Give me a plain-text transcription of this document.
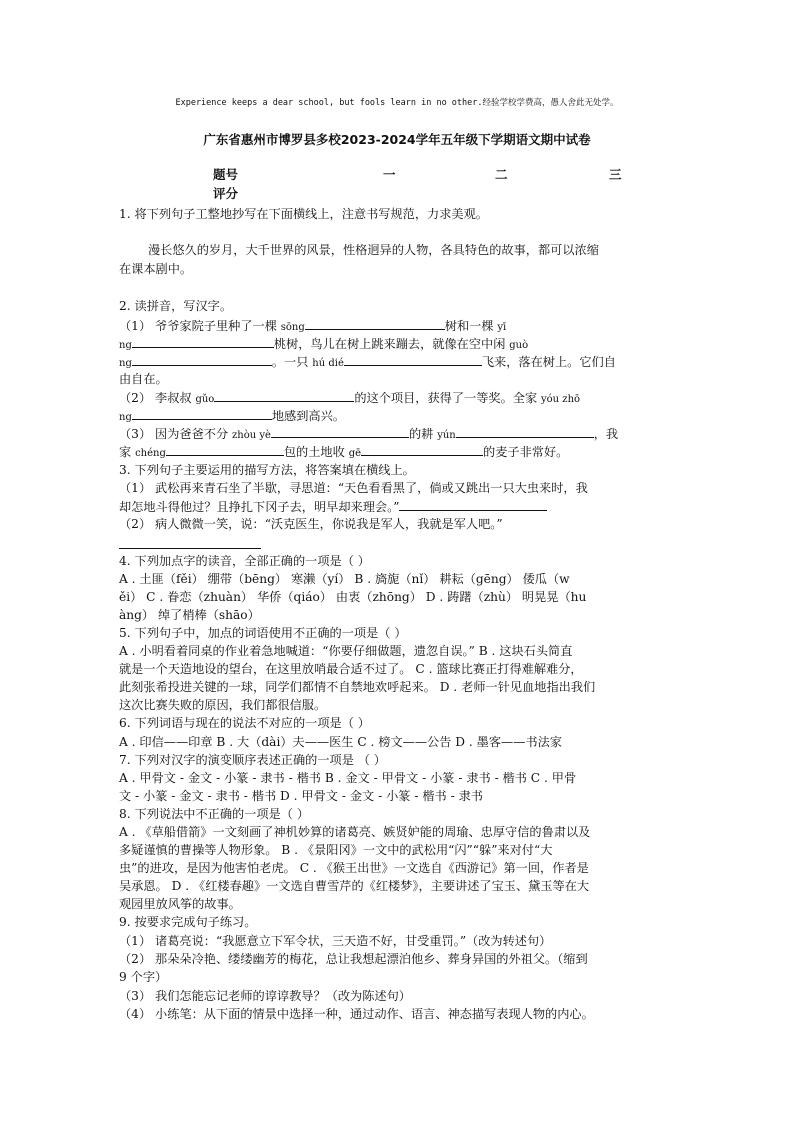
Experience keeps a dear school, but fools learn in no other.经验学校学费高，愚人舍此无处学。
广东省惠州市博罗县多校2023-2024学年五年级下学期语文期中试卷
题号	一	二	三
评分
1. 将下列句子工整地抄写在下面横线上，注意书写规范，力求美观。
漫长悠久的岁月，大千世界的风景，性格迥异的人物，各具特色的故事，都可以浓缩
在课本剧中。
2. 读拼音，写汉字。
（1） 爷爷家院子里种了一棵 sōng	树和一棵 yī
ng	桃树，鸟儿在树上跳来蹦去，就像在空中闲 guò
ng	。一只 hú dié	飞来，落在树上。它们自
由自在。
（2） 李叔叔 gǔo	的这个项目，获得了一等奖。全家 yóu zhō
ng	地感到高兴。
（3） 因为爸爸不分 zhòu yè	的耕 yún	，我
家 chéng	包的土地收 gē	的麦子非常好。
3. 下列句子主要运用的描写方法，将答案填在横线上。
（1） 武松再来青石坐了半歇，寻思道：“天色看看黑了，倘或又跳出一只大虫来时，我
却怎地斗得他过？且挣扎下冈子去，明早却来理会。”
（2） 病人微微一笑，说：“沃克医生，你说我是军人，我就是军人吧。”
4. 下列加点字的读音，全部正确的一项是（ ）
A . 土匪（fěi） 绷带（bēng） 寒濑（yí） B . 旖旎（nǐ） 耕耘（gēng） 倭瓜（w
ěi） C . 眷恋（zhuàn） 华侨（qiáo） 由衷（zhōng） D . 踌躇（zhù） 明晃晃（hu
àng） 绰了梢棒（shāo）
5. 下列句子中，加点的词语使用不正确的一项是（ ）
A . 小明看着同桌的作业着急地喊道：“你要仔细做题，遗忽自误。” B . 这块石头简直
就是一个天造地设的望台，在这里放哨最合适不过了。 C . 篮球比赛正打得难解难分，
此刻张希投进关键的一球，同学们都情不自禁地欢呼起来。 D . 老师一针见血地指出我们
这次比赛失败的原因，我们都很信服。
6. 下列词语与现在的说法不对应的一项是（ ）
A . 印信——印章 B . 大（dài）夫——医生 C . 榜文——公告 D . 墨客——书法家
7. 下列对汉字的演变顺序表述正确的一项是 （ ）
A . 甲骨文 - 金文 - 小篆 - 隶书 - 楷书 B . 金文 - 甲骨文 - 小篆 - 隶书 - 楷书 C . 甲骨
文 - 小篆 - 金文 - 隶书 - 楷书 D . 甲骨文 - 金文 - 小篆 - 楷书 - 隶书
8. 下列说法中不正确的一项是（ ）
A . 《草船借箭》一文刻画了神机妙算的诸葛亮、嫉贤妒能的周瑜、忠厚守信的鲁肃以及
多疑谨慎的曹操等人物形象。 B . 《景阳冈》一文中的武松用“闪”“躲”来对付“大
虫”的进攻，是因为他害怕老虎。 C . 《猴王出世》一文选自《西游记》第一回，作者是
吴承恩。 D . 《红楼春趣》一文选自曹雪芹的《红楼梦》，主要讲述了宝玉、黛玉等在大
观园里放风筝的故事。
9. 按要求完成句子练习。
（1） 诸葛亮说：“我愿意立下军令状，三天造不好，甘受重罚。”（改为转述句）
（2） 那朵朵冷艳、缕缕幽芳的梅花，总让我想起漂泊他乡、葬身异国的外祖父。（缩到
9 个字）
（3） 我们怎能忘记老师的谆谆教导？（改为陈述句）
（4） 小练笔：从下面的情景中选择一种，通过动作、语言、神态描写表现人物的内心。
